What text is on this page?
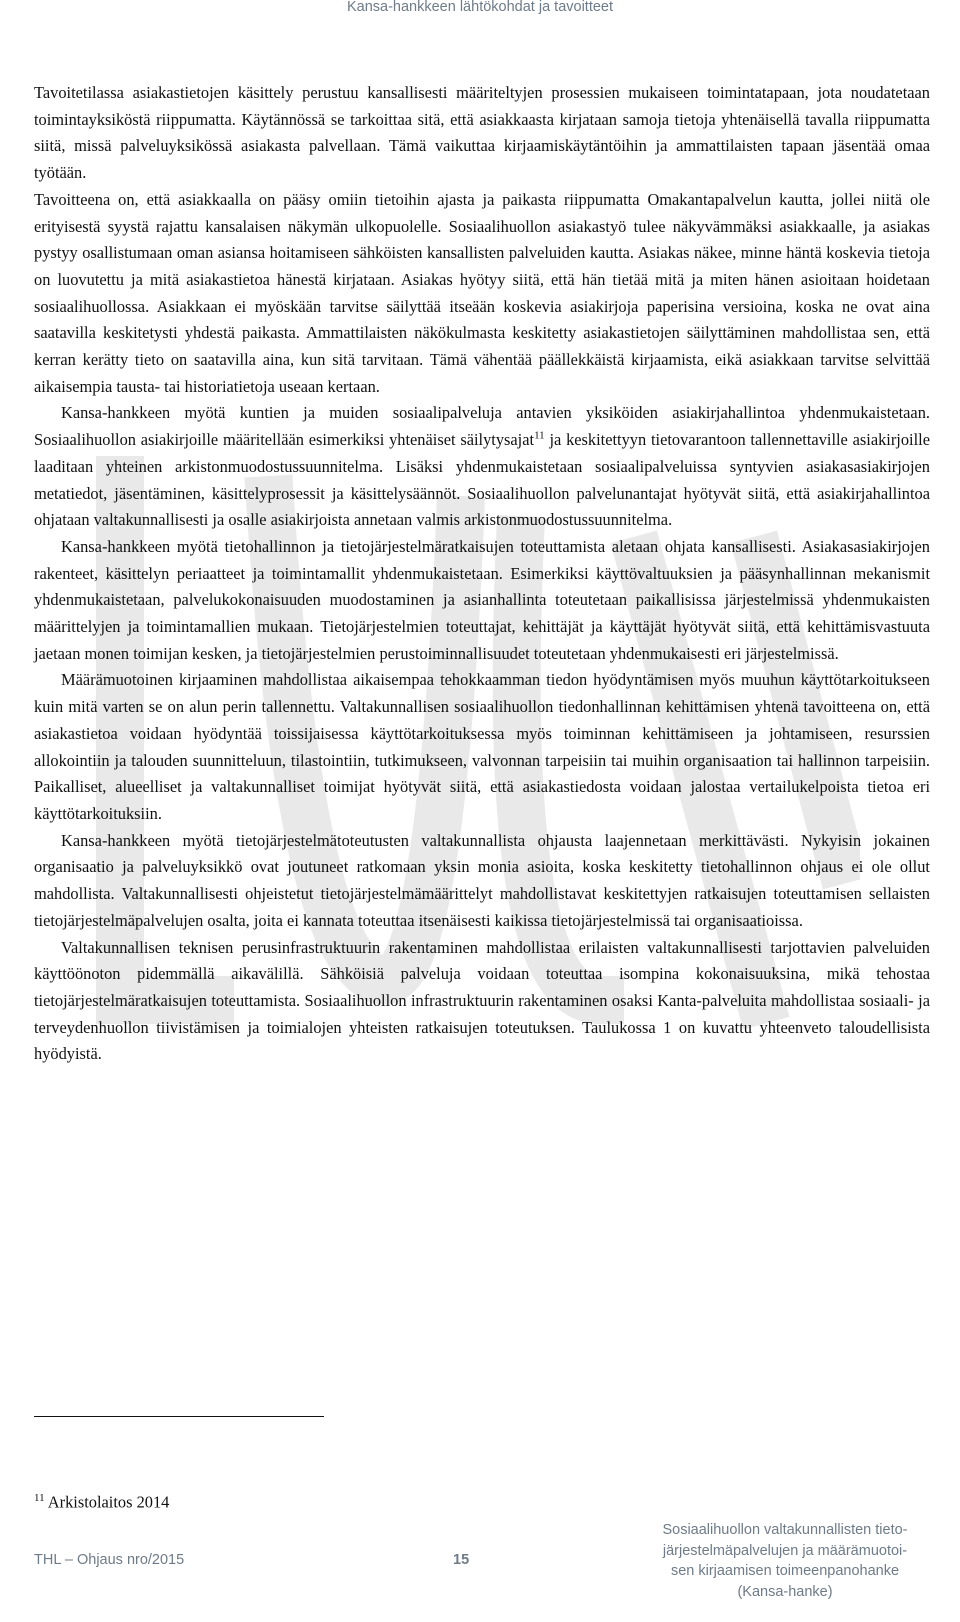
Kansa-hankkeen lähtökohdat ja tavoitteet

Tavoitetilassa asiakastietojen käsittely perustuu kansallisesti määriteltyjen prosessien mukaiseen toimintatapaan, jota noudatetaan toimintayksiköstä riippumatta. Käytännössä se tarkoittaa sitä, että asiakkaasta kirjataan samoja tietoja yhtenäisellä tavalla riippumatta siitä, missä palveluyksikössä asiakasta palvellaan. Tämä vaikuttaa kirjaamiskäytäntöihin ja ammattilaisten tapaan jäsentää omaa työtään.

Tavoitteena on, että asiakkaalla on pääsy omiin tietoihin ajasta ja paikasta riippumatta Omakantapalvelun kautta, jollei niitä ole erityisestä syystä rajattu kansalaisen näkymän ulkopuolelle. Sosiaalihuollon asiakastyö tulee näkyvämmäksi asiakkaalle, ja asiakas pystyy osallistumaan oman asiansa hoitamiseen sähköisten kansallisten palveluiden kautta. Asiakas näkee, minne häntä koskevia tietoja on luovutettu ja mitä asiakastietoa hänestä kirjataan. Asiakas hyötyy siitä, että hän tietää mitä ja miten hänen asioitaan hoidetaan sosiaalihuollossa. Asiakkaan ei myöskään tarvitse säilyttää itseään koskevia asiakirjoja paperisina versioina, koska ne ovat aina saatavilla keskitetysti yhdestä paikasta. Ammattilaisten näkökulmasta keskitetty asiakastietojen säilyttäminen mahdollistaa sen, että kerran kerätty tieto on saatavilla aina, kun sitä tarvitaan. Tämä vähentää päällekkäistä kirjaamista, eikä asiakkaan tarvitse selvittää aikaisempia tausta- tai historiatietoja useaan kertaan.

Kansa-hankkeen myötä kuntien ja muiden sosiaalipalveluja antavien yksiköiden asiakirjahallintoa yhdenmukaistetaan. Sosiaalihuollon asiakirjoille määritellään esimerkiksi yhtenäiset säilytysajat$^{11}$ ja keskitettyyn tietovarantoon tallennettaville asiakirjoille laaditaan yhteinen arkistonmuodostussuunnitelma. Lisäksi yhdenmukaistetaan sosiaalipalveluissa syntyvien asiakasasiakirjojen metatiedot, jäsentäminen, käsittelyprosessit ja käsittelysäännöt. Sosiaalihuollon palvelunantajat hyötyvät siitä, että asiakirjahallintoa ohjataan valtakunnallisesti ja osalle asiakirjoista annetaan valmis arkistonmuodostussuunnitelma.

Kansa-hankkeen myötä tietohallinnon ja tietojärjestelmäratkaisujen toteuttamista aletaan ohjata kansallisesti. Asiakasasiakirjojen rakenteet, käsittelyn periaatteet ja toimintamallit yhdenmukaistetaan. Esimerkiksi käyttövaltuuksien ja pääsynhallinnan mekanismit yhdenmukaistetaan, palvelukokonaisuuden muodostaminen ja asianhallinta toteutetaan paikallisissa järjestelmissä yhdenmukaisten määrittelyjen ja toimintamallien mukaan. Tietojärjestelmien toteuttajat, kehittäjät ja käyttäjät hyötyvät siitä, että kehittämisvastuuta jaetaan monen toimijan kesken, ja tietojärjestelmien perustoiminnallisuudet toteutetaan yhdenmukaisesti eri järjestelmissä.

Määrämuotoinen kirjaaminen mahdollistaa aikaisempaa tehokkaamman tiedon hyödyntämisen myös muuhun käyttötarkoitukseen kuin mitä varten se on alun perin tallennettu. Valtakunnallisen sosiaalihuollon tiedonhallinnan kehittämisen yhtenä tavoitteena on, että asiakastietoa voidaan hyödyntää toissijaisessa käyttötarkoituksessa myös toiminnan kehittämiseen ja johtamiseen, resurssien allokointiin ja talouden suunnitteluun, tilastointiin, tutkimukseen, valvonnan tarpeisiin tai muihin organisaation tai hallinnon tarpeisiin. Paikalliset, alueelliset ja valtakunnalliset toimijat hyötyvät siitä, että asiakastiedosta voidaan jalostaa vertailukelpoista tietoa eri käyttötarkoituksiin.

Kansa-hankkeen myötä tietojärjestelmätoteutusten valtakunnallista ohjausta laajennetaan merkittävästi. Nykyisin jokainen organisaatio ja palveluyksikkö ovat joutuneet ratkomaan yksin monia asioita, koska keskitetty tietohallinnon ohjaus ei ole ollut mahdollista. Valtakunnallisesti ohjeistetut tietojärjestelmämäärittelyt mahdollistavat keskitettyjen ratkaisujen toteuttamisen sellaisten tietojärjestelmäpalvelujen osalta, joita ei kannata toteuttaa itsenäisesti kaikissa tietojärjestelmissä tai organisaatioissa.

Valtakunnallisen teknisen perusinfrastruktuurin rakentaminen mahdollistaa erilaisten valtakunnallisesti tarjottavien palveluiden käyttöönoton pidemmällä aikavälillä. Sähköisiä palveluja voidaan toteuttaa isompina kokonaisuuksina, mikä tehostaa tietojärjestelmäratkaisujen toteuttamista. Sosiaalihuollon infrastruktuurin rakentaminen osaksi Kanta-palveluita mahdollistaa sosiaali- ja terveydenhuollon tiivistämisen ja toimialojen yhteisten ratkaisujen toteutuksen. Taulukossa 1 on kuvattu yhteenveto taloudellisista hyödyistä.

$^{11}$ Arkistolaitos 2014
THL – Ohjaus nro/2015	15
Sosiaalihuollon valtakunnallisten tieto-
järjestelmäpalvelujen ja määrämuotoi-
sen kirjaamisen toimeenpanohanke
(Kansa-hanke)
